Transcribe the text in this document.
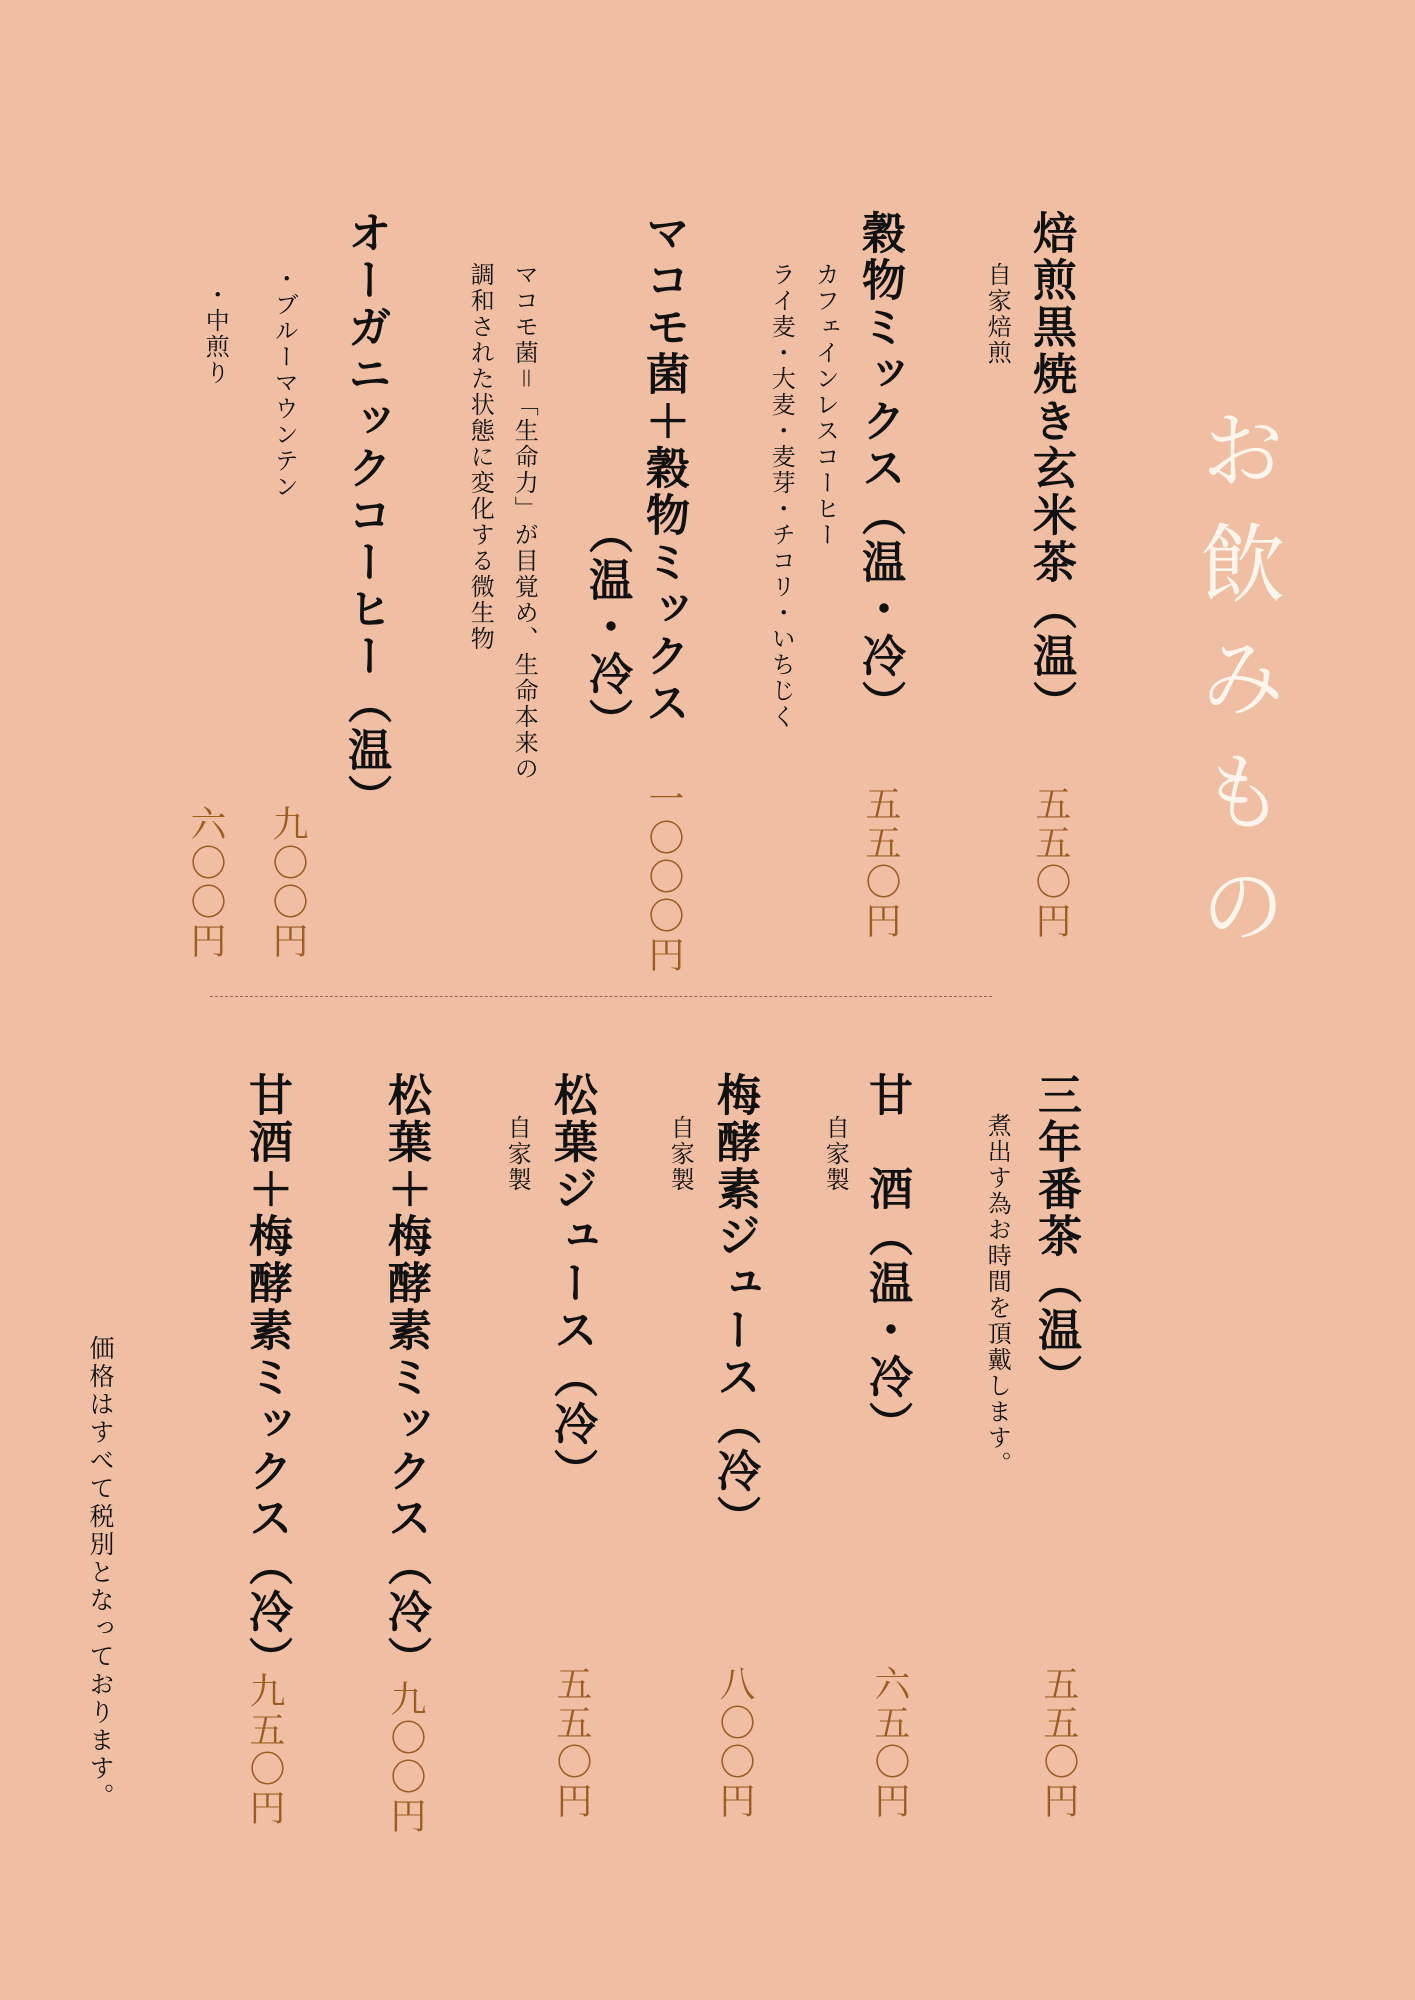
お飲みもの
焙煎黒焼き玄米茶（温）
自家焙煎
五五〇円
穀物ミックス（温・冷）
カフェインレスコーヒー
ライ麦・大麦・麦芽・チコリ・いちじく
五五〇円
マコモ菌＋穀物ミックス
（温・冷）
マコモ菌＝「生命力」が目覚め、生命本来の
調和された状態に変化する微生物
一〇〇〇円
オーガニックコーヒー（温）
・ブルーマウンテン
九〇〇円
・中煎り
六〇〇円
三年番茶（温）
煮出す為お時間を頂戴します。
五五〇円
甘　酒（温・冷）
自家製
六五〇円
梅酵素ジュース（冷）
自家製
八〇〇円
松葉ジュース（冷）
自家製
五五〇円
松葉＋梅酵素ミックス（冷）
九〇〇円
甘酒＋梅酵素ミックス（冷）
九五〇円
価格はすべて税別となっております。
